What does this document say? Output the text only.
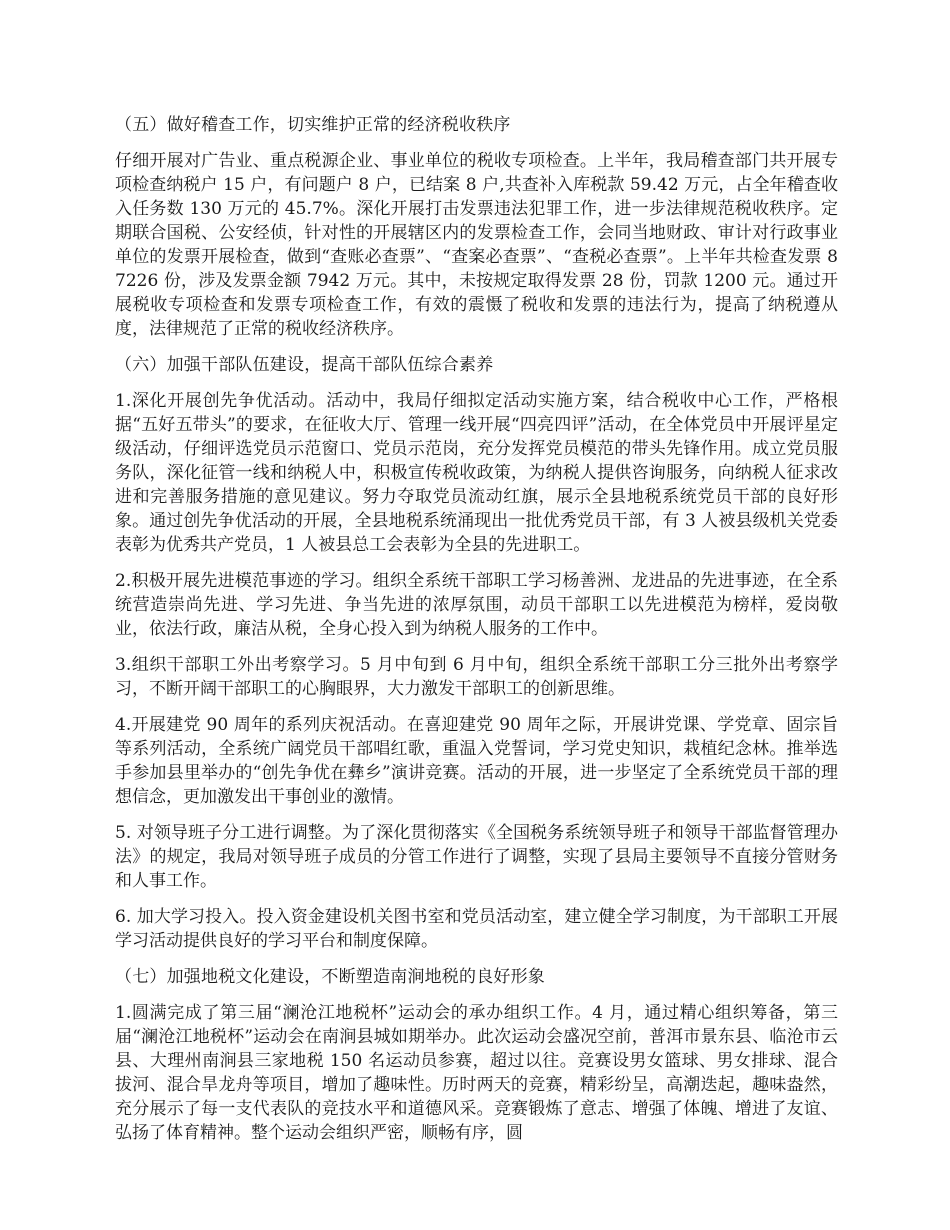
（五）做好稽查工作，切实维护正常的经济税收秩序

仔细开展对广告业、重点税源企业、事业单位的税收专项检查。上半年，我局稽查部门共开展专项检查纳税户 15 户，有问题户 8 户，已结案 8 户,共查补入库税款 59.42 万元，占全年稽查收入任务数 130 万元的 45.7%。深化开展打击发票违法犯罪工作，进一步法律规范税收秩序。定期联合国税、公安经侦，针对性的开展辖区内的发票检查工作，会同当地财政、审计对行政事业单位的发票开展检查，做到“查账必查票”、“查案必查票”、“查税必查票”。上半年共检查发票 87226 份，涉及发票金额 7942 万元。其中，未按规定取得发票 28 份，罚款 1200 元。通过开展税收专项检查和发票专项检查工作，有效的震慑了税收和发票的违法行为，提高了纳税遵从度，法律规范了正常的税收经济秩序。

（六）加强干部队伍建设，提高干部队伍综合素养

1.深化开展创先争优活动。活动中，我局仔细拟定活动实施方案，结合税收中心工作，严格根据“五好五带头”的要求，在征收大厅、管理一线开展“四亮四评”活动，在全体党员中开展评星定级活动，仔细评选党员示范窗口、党员示范岗，充分发挥党员模范的带头先锋作用。成立党员服务队，深化征管一线和纳税人中，积极宣传税收政策，为纳税人提供咨询服务，向纳税人征求改进和完善服务措施的意见建议。努力夺取党员流动红旗，展示全县地税系统党员干部的良好形象。通过创先争优活动的开展，全县地税系统涌现出一批优秀党员干部，有 3 人被县级机关党委表彰为优秀共产党员，1 人被县总工会表彰为全县的先进职工。

2.积极开展先进模范事迹的学习。组织全系统干部职工学习杨善洲、龙进品的先进事迹，在全系统营造崇尚先进、学习先进、争当先进的浓厚氛围，动员干部职工以先进模范为榜样，爱岗敬业，依法行政，廉洁从税，全身心投入到为纳税人服务的工作中。

3.组织干部职工外出考察学习。5 月中旬到 6 月中旬，组织全系统干部职工分三批外出考察学习，不断开阔干部职工的心胸眼界，大力激发干部职工的创新思维。

4.开展建党 90 周年的系列庆祝活动。在喜迎建党 90 周年之际，开展讲党课、学党章、固宗旨等系列活动，全系统广阔党员干部唱红歌，重温入党誓词，学习党史知识，栽植纪念林。推举选手参加县里举办的“创先争优在彝乡”演讲竞赛。活动的开展，进一步坚定了全系统党员干部的理想信念，更加激发出干事创业的激情。

5. 对领导班子分工进行调整。为了深化贯彻落实《全国税务系统领导班子和领导干部监督管理办法》的规定，我局对领导班子成员的分管工作进行了调整，实现了县局主要领导不直接分管财务和人事工作。

6. 加大学习投入。投入资金建设机关图书室和党员活动室，建立健全学习制度，为干部职工开展学习活动提供良好的学习平台和制度保障。

（七）加强地税文化建设，不断塑造南涧地税的良好形象

1.圆满完成了第三届“澜沧江地税杯”运动会的承办组织工作。4 月，通过精心组织筹备，第三届“澜沧江地税杯”运动会在南涧县城如期举办。此次运动会盛况空前，普洱市景东县、临沧市云县、大理州南涧县三家地税 150 名运动员参赛，超过以往。竞赛设男女篮球、男女排球、混合拔河、混合旱龙舟等项目，增加了趣味性。历时两天的竞赛，精彩纷呈，高潮迭起，趣味盎然，充分展示了每一支代表队的竞技水平和道德风采。竞赛锻炼了意志、增强了体魄、增进了友谊、弘扬了体育精神。整个运动会组织严密，顺畅有序，圆
